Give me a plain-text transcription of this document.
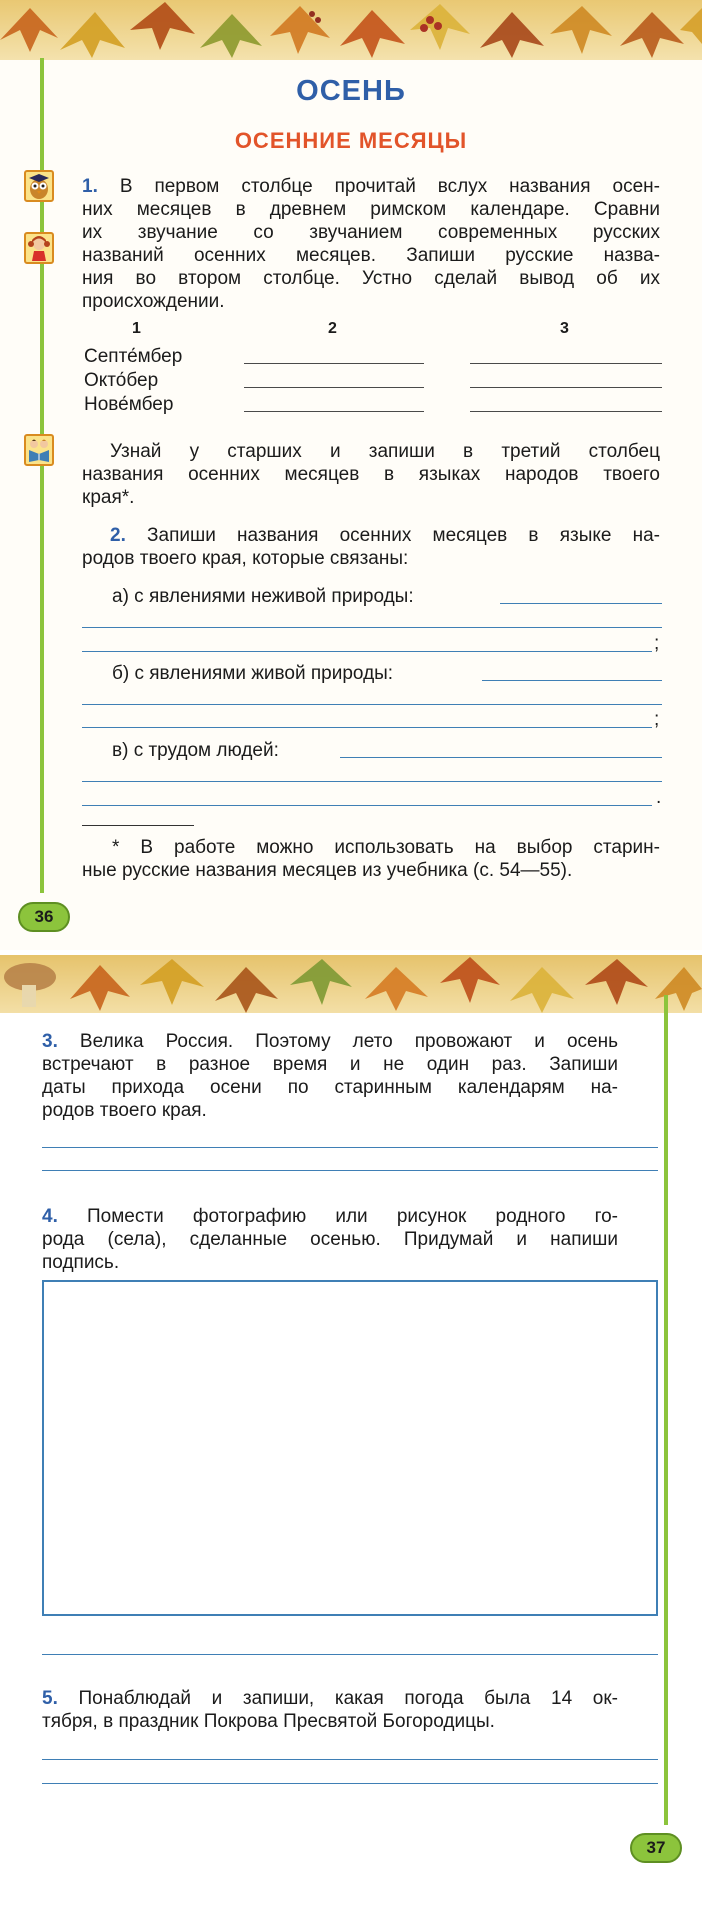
ОСЕНЬ
ОСЕННИЕ МЕСЯЦЫ
1. В первом столбце прочитай вслух названия осен-
них месяцев в древнем римском календаре. Сравни
их звучание со звучанием современных русских
названий осенних месяцев. Запиши русские назва-
ния во втором столбце. Устно сделай вывод об их
происхождении.
1	2	3
Септе́мбер
Окто́бер
Нове́мбер
Узнай у старших и запиши в третий столбец
названия осенних месяцев в языках народов твоего
края*.
2. Запиши названия осенних месяцев в языке на-
родов твоего края, которые связаны:
а) с явлениями неживой природы:
;
б) с явлениями живой природы:
;
в) с трудом людей:
.
* В работе можно использовать на выбор старин-
ные русские названия месяцев из учебника (с. 54—55).
36
3. Велика Россия. Поэтому лето провожают и осень
встречают в разное время и не один раз. Запиши
даты прихода осени по старинным календарям на-
родов твоего края.
4. Помести фотографию или рисунок родного го-
рода (села), сделанные осенью. Придумай и напиши
подпись.
5. Понаблюдай и запиши, какая погода была 14 ок-
тября, в праздник Покрова Пресвятой Богородицы.
37
